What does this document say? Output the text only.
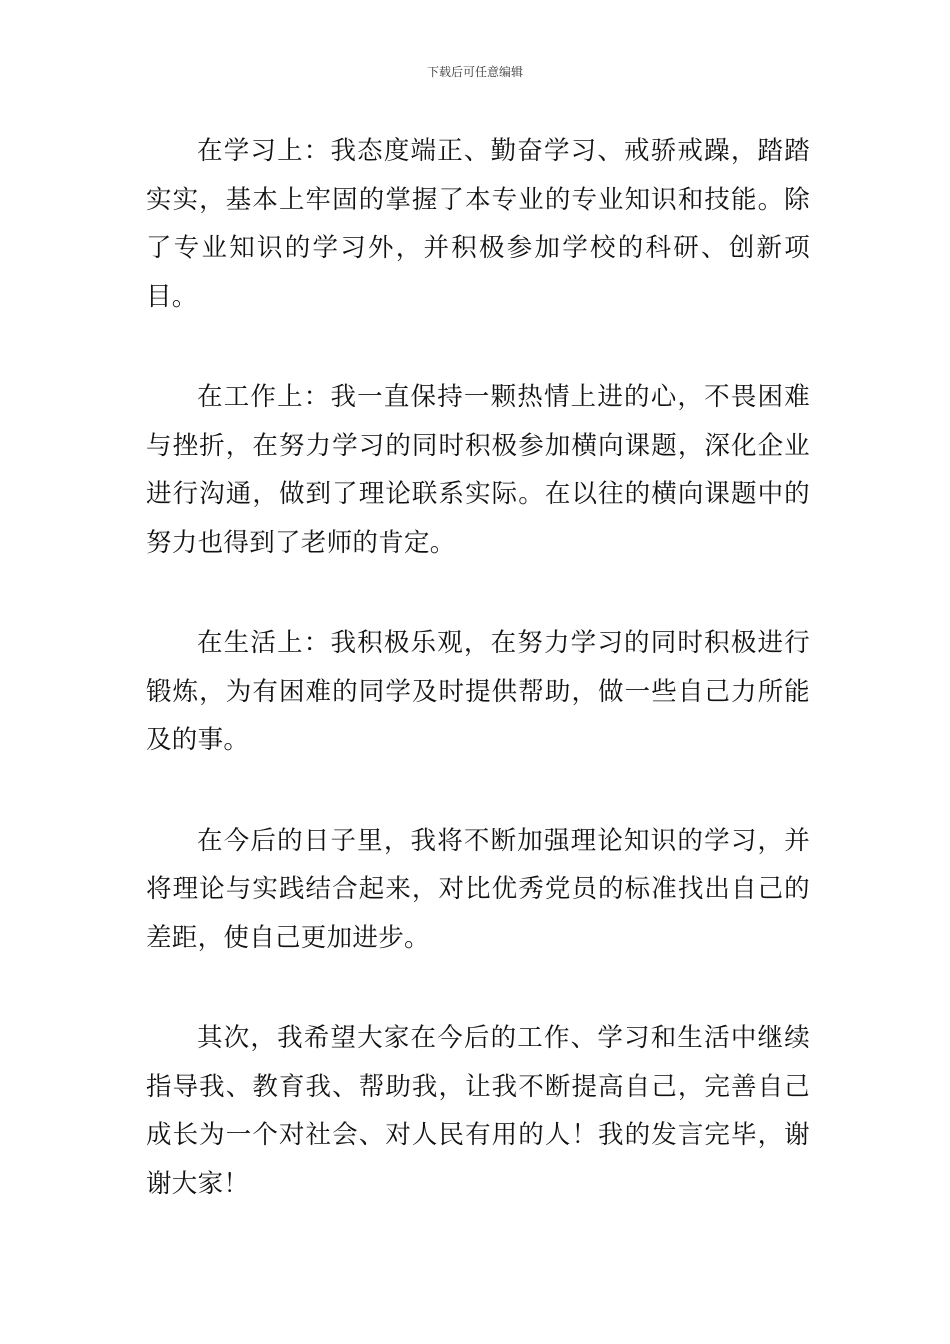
下载后可任意编辑

在学习上：我态度端正、勤奋学习、戒骄戒躁，踏踏实实，基本上牢固的掌握了本专业的专业知识和技能。除了专业知识的学习外，并积极参加学校的科研、创新项目。

在工作上：我一直保持一颗热情上进的心，不畏困难与挫折，在努力学习的同时积极参加横向课题，深化企业进行沟通，做到了理论联系实际。在以往的横向课题中的努力也得到了老师的肯定。

在生活上：我积极乐观，在努力学习的同时积极进行锻炼，为有困难的同学及时提供帮助，做一些自己力所能及的事。

在今后的日子里，我将不断加强理论知识的学习，并将理论与实践结合起来，对比优秀党员的标准找出自己的差距，使自己更加进步。

其次，我希望大家在今后的工作、学习和生活中继续指导我、教育我、帮助我，让我不断提高自己，完善自己成长为一个对社会、对人民有用的人！我的发言完毕，谢谢大家！
